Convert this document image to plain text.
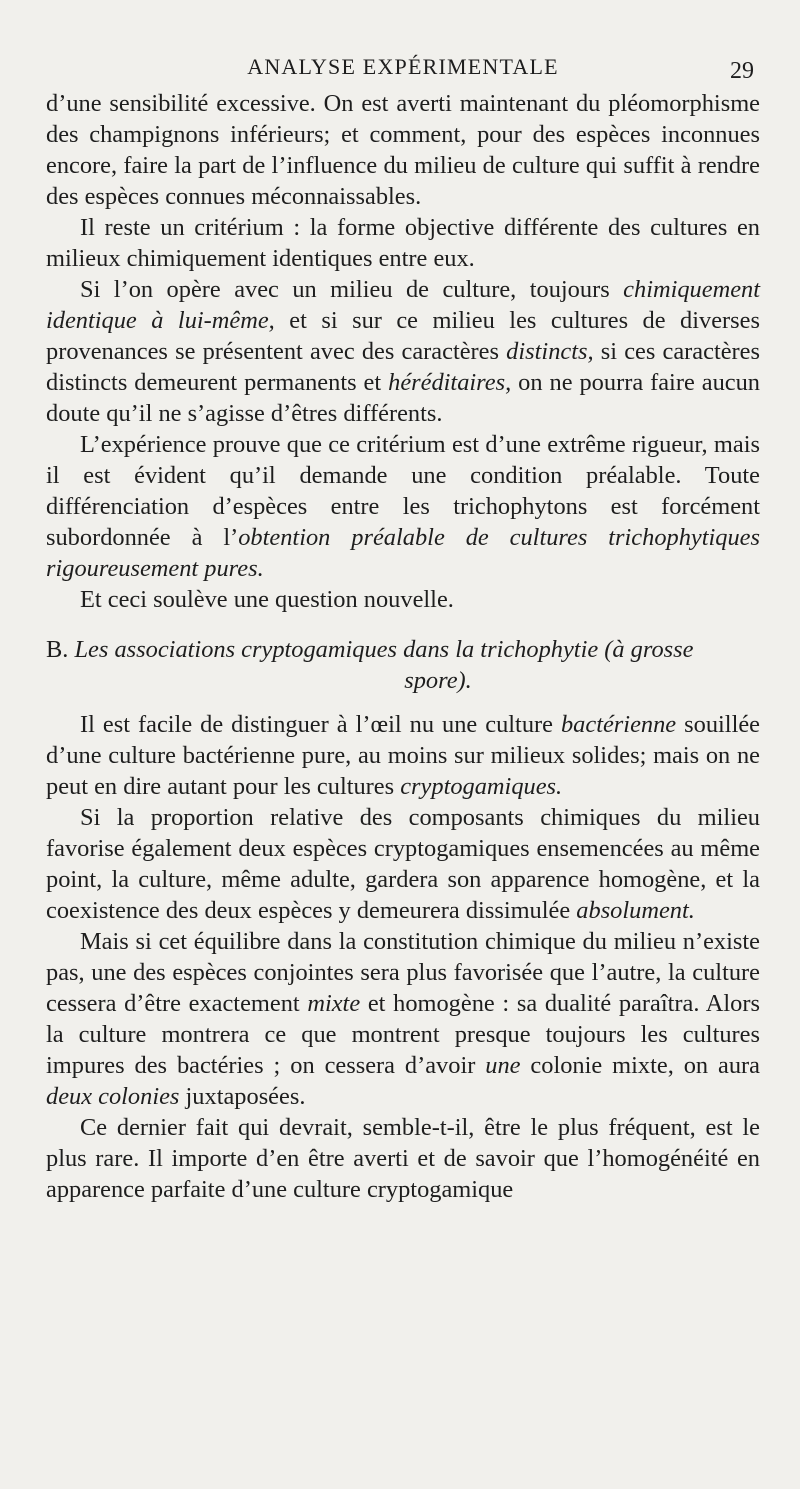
ANALYSE EXPÉRIMENTALE	29

d’une sensibilité excessive. On est averti maintenant du pléomorphisme des champignons inférieurs; et comment, pour des espèces inconnues encore, faire la part de l’influence du milieu de culture qui suffit à rendre des espèces connues méconnaissables.

Il reste un critérium : la forme objective différente des cultures en milieux chimiquement identiques entre eux.

Si l’on opère avec un milieu de culture, toujours chimiquement identique à lui-même, et si sur ce milieu les cultures de diverses provenances se présentent avec des caractères distincts, si ces caractères distincts demeurent permanents et héréditaires, on ne pourra faire aucun doute qu’il ne s’agisse d’êtres différents.

L’expérience prouve que ce critérium est d’une extrême rigueur, mais il est évident qu’il demande une condition préalable. Toute différenciation d’espèces entre les trichophytons est forcément subordonnée à l’obtention préalable de cultures trichophytiques rigoureusement pures.

Et ceci soulève une question nouvelle.

B. Les associations cryptogamiques dans la trichophytie (à grosse

spore).

Il est facile de distinguer à l’œil nu une culture bactérienne souillée d’une culture bactérienne pure, au moins sur milieux solides; mais on ne peut en dire autant pour les cultures cryptogamiques.

Si la proportion relative des composants chimiques du milieu favorise également deux espèces cryptogamiques ensemencées au même point, la culture, même adulte, gardera son apparence homogène, et la coexistence des deux espèces y demeurera dissimulée absolument.

Mais si cet équilibre dans la constitution chimique du milieu n’existe pas, une des espèces conjointes sera plus favorisée que l’autre, la culture cessera d’être exactement mixte et homogène : sa dualité paraîtra. Alors la culture montrera ce que montrent presque toujours les cultures impures des bactéries ; on cessera d’avoir une colonie mixte, on aura deux colonies juxtaposées.

Ce dernier fait qui devrait, semble-t-il, être le plus fréquent, est le plus rare. Il importe d’en être averti et de savoir que l’homogénéité en apparence parfaite d’une culture cryptogamique
